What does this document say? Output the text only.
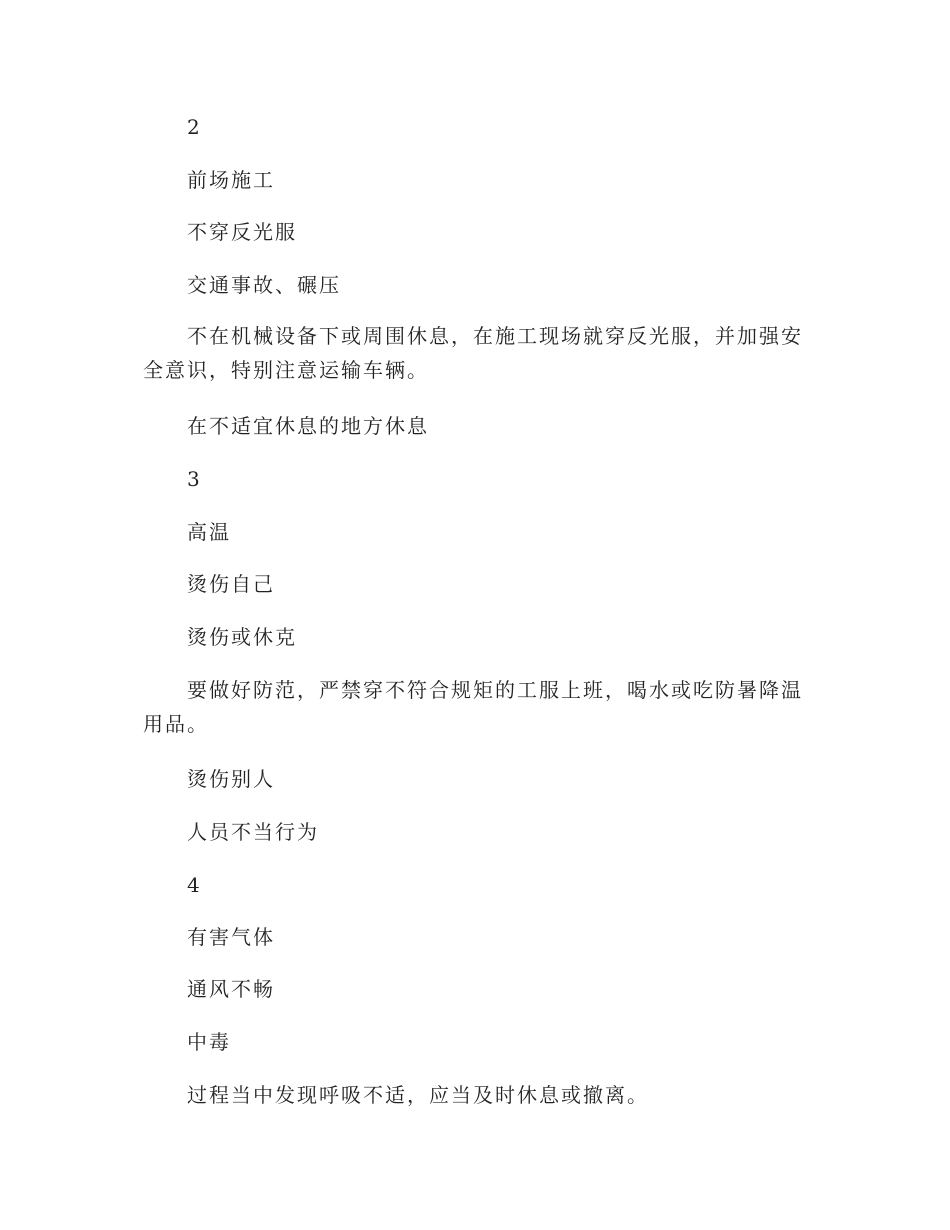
2

前场施工

不穿反光服

交通事故、碾压

不在机械设备下或周围休息，在施工现场就穿反光服，并加强安全意识，特别注意运输车辆。

在不适宜休息的地方休息

3

高温

烫伤自己

烫伤或休克

要做好防范，严禁穿不符合规矩的工服上班，喝水或吃防暑降温用品。

烫伤别人

人员不当行为

4

有害气体

通风不畅

中毒

过程当中发现呼吸不适，应当及时休息或撤离。
